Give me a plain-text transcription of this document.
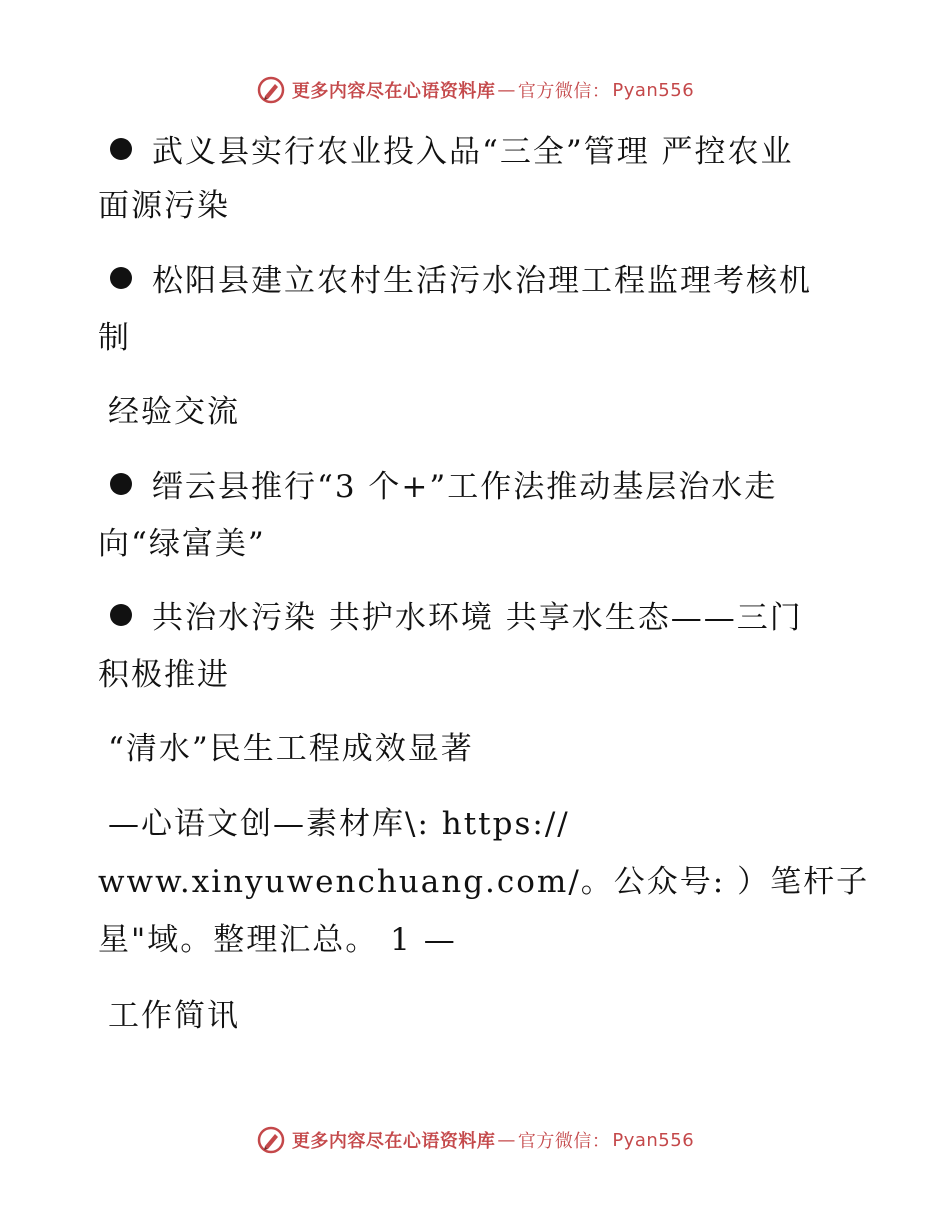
更多内容尽在心语资料库 — 官方微信： Pyan556
武义县实行农业投入品“三全”管理 严控农业
面源污染
松阳县建立农村生活污水治理工程监理考核机
制
经验交流
缙云县推行“3 个+”工作法推动基层治水走
向“绿富美”
共治水污染 共护水环境 共享水生态——三门
积极推进
“清水”民生工程成效显著
—心语文创—素材库\: https://
www.xinyuwenchuang.com/。公众号: ）笔杆子
星"域。整理汇总。 1 —
工作简讯
更多内容尽在心语资料库 — 官方微信： Pyan556
